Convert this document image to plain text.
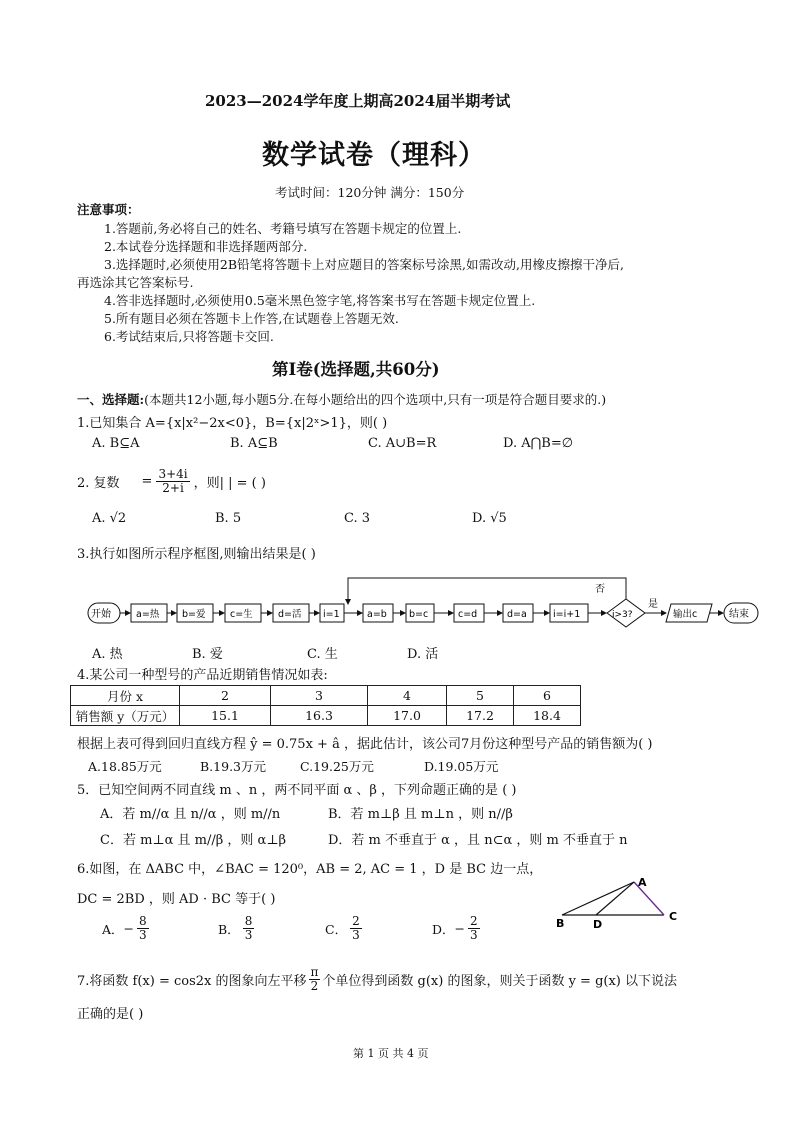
2023—2024学年度上期高2024届半期考试
数学试卷（理科）
考试时间：120分钟 满分：150分
注意事项：
1.答题前,务必将自己的姓名、考籍号填写在答题卡规定的位置上.
2.本试卷分选择题和非选择题两部分.
3.选择题时,必须使用2B铅笔将答题卡上对应题目的答案标号涂黑,如需改动,用橡皮擦擦干净后,
再选涂其它答案标号.
4.答非选择题时,必须使用0.5毫米黑色签字笔,将答案书写在答题卡规定位置上.
5.所有题目必须在答题卡上作答,在试题卷上答题无效.
6.考试结束后,只将答题卡交回.
第Ⅰ卷(选择题,共60分)
一、选择题:(本题共12小题,每小题5分.在每小题给出的四个选项中,只有一项是符合题目要求的.)
1.已知集合 A={x|x²−2x<0}，B={x|2ˣ>1}，则( )
A. B⊆A	B. A⊆B	C. A∪B=R	D. A⋂B=∅
2. 复数 = $\frac{3+4i}{2+i}$ ，则| | = ( )
A. √2	B. 5	C. 3	D. √5
3.执行如图所示程序框图,则输出结果是( )
否
开始	a=热 b=爱	c=生	d=活 i=1	a=b b=c	c=d	d=a	i=i+1	i>3?
是
输出c	结束
A. 热	B. 爱	C. 生	D. 活
4.某公司一种型号的产品近期销售情况如表:
月份 x	2	3	4	5	6
销售额 y（万元）	15.1	16.3	17.0	17.2	18.4
根据上表可得到回归直线方程 ŷ = 0.75x + â ，据此估计，该公司7月份这种型号产品的销售额为( )
A.18.85万元	B.19.3万元	C.19.25万元	D.19.05万元
5．已知空间两不同直线 m 、n ，两不同平面 α 、β ，下列命题正确的是 ( )
A．若 m//α 且 n//α ，则 m//n	B．若 m⊥β 且 m⊥n ，则 n//β
C．若 m⊥α 且 m//β ，则 α⊥β	D．若 m 不垂直于 α ，且 n⊂α ，则 m 不垂直于 n
6.如图，在 ΔABC 中，∠BAC = 120⁰，AB = 2, AC = 1 ，D 是 BC 边一点，
DC = 2BD ，则 AD · BC 等于( )
A． − $\frac{8}{3}$	B． $\frac{8}{3}$	C． $\frac{2}{3}$	D． − $\frac{2}{3}$
A
B
C
D
7.将函数 f(x) = cos2x 的图象向左平移 $\frac{\pi}{2}$ 个单位得到函数 g(x) 的图象，则关于函数 y = g(x) 以下说法
正确的是( )
第 1 页 共 4 页
